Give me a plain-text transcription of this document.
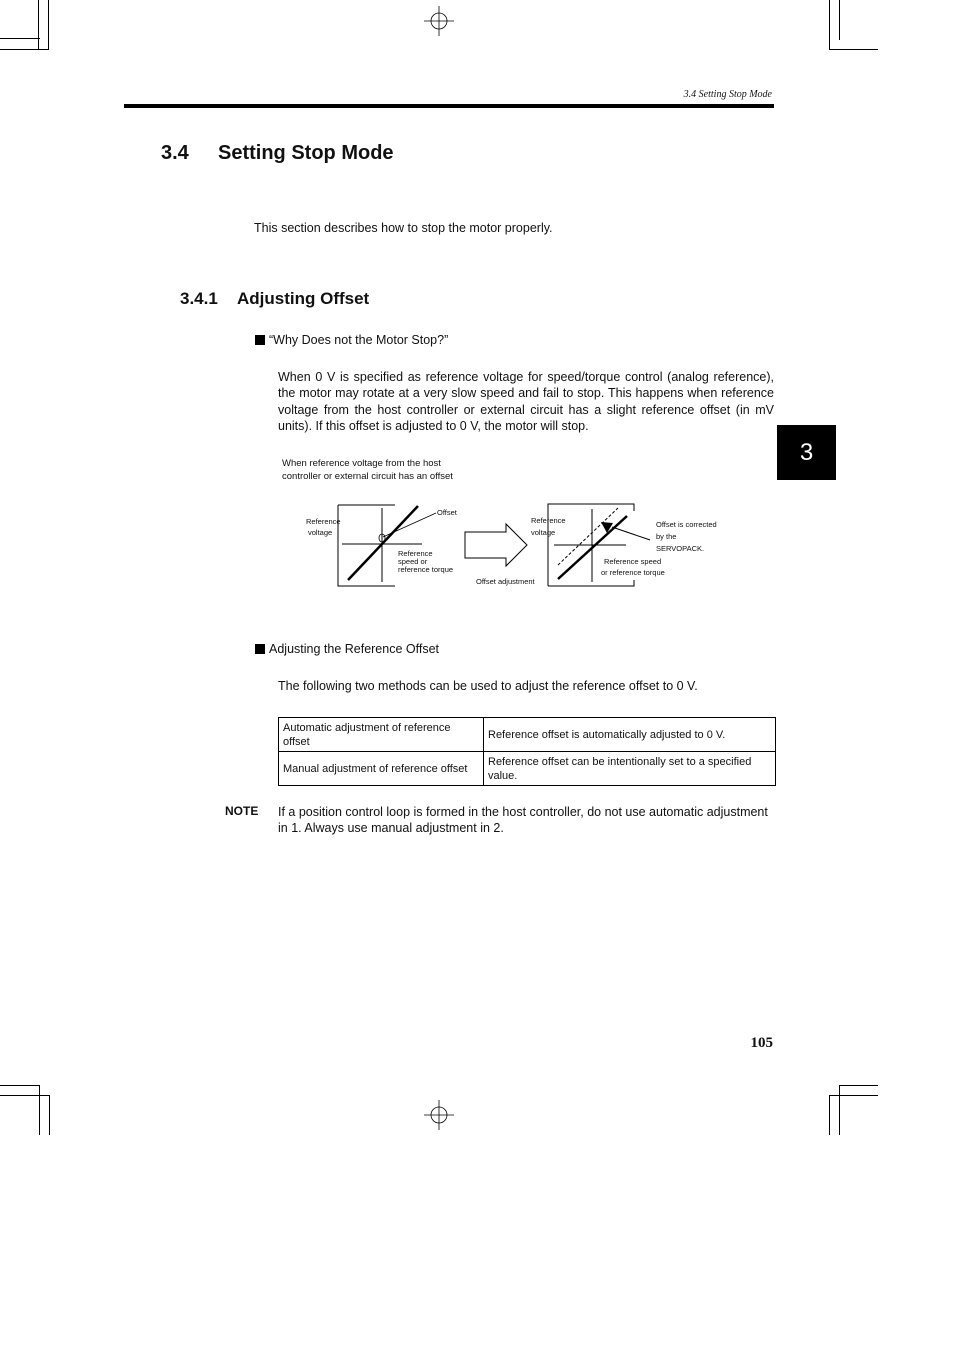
3.4 Setting Stop Mode
3.4 Setting Stop Mode
This section describes how to stop the motor properly.
3.4.1 Adjusting Offset
“Why Does not the Motor Stop?”
When 0 V is specified as reference voltage for speed/torque control (analog reference), the motor may rotate at a very slow speed and fail to stop. This happens when reference voltage from the host controller or external circuit has a slight reference offset (in mV units). If this offset is adjusted to 0 V, the motor will stop.
3
When reference voltage from the host
controller or external circuit has an offset
Reference
voltage
Offset
Reference
speed or
reference torque
Offset adjustment
Reference
voltage
Offset is corrected
by the
SERVOPACK.
Reference speed
or reference torque
Adjusting the Reference Offset
The following two methods can be used to adjust the reference offset to 0 V.
Automatic adjustment of reference offset	Reference offset is automatically adjusted to 0 V.
Manual adjustment of reference offset	Reference offset can be intentionally set to a specified value.
NOTE If a position control loop is formed in the host controller, do not use automatic adjustment in 1. Always use manual adjustment in 2.
105
